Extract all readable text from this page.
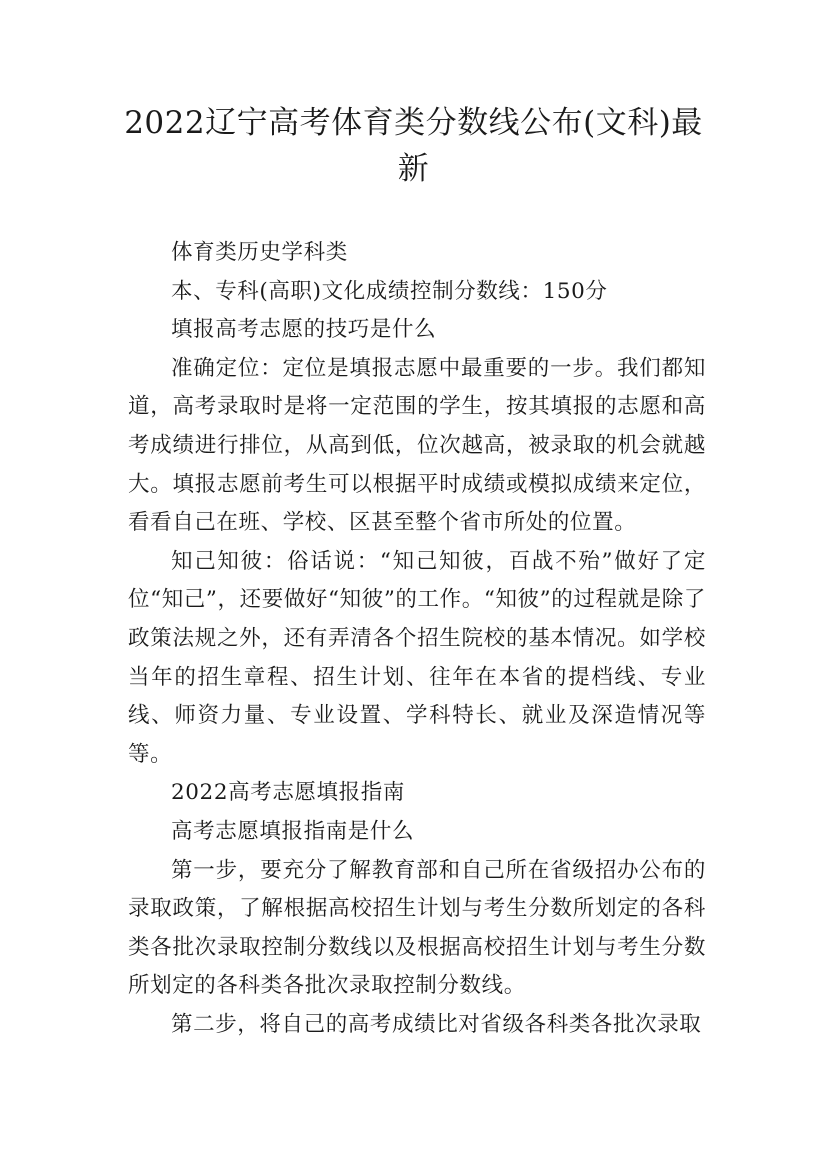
2022辽宁高考体育类分数线公布(文科)最新

体育类历史学科类

本、专科(高职)文化成绩控制分数线：150分

填报高考志愿的技巧是什么

准确定位：定位是填报志愿中最重要的一步。我们都知道，高考录取时是将一定范围的学生，按其填报的志愿和高考成绩进行排位，从高到低，位次越高，被录取的机会就越大。填报志愿前考生可以根据平时成绩或模拟成绩来定位，看看自己在班、学校、区甚至整个省市所处的位置。

知己知彼：俗话说：“知己知彼，百战不殆”做好了定位“知己”，还要做好“知彼”的工作。“知彼”的过程就是除了政策法规之外，还有弄清各个招生院校的基本情况。如学校当年的招生章程、招生计划、往年在本省的提档线、专业线、师资力量、专业设置、学科特长、就业及深造情况等等。

2022高考志愿填报指南

高考志愿填报指南是什么

第一步，要充分了解教育部和自己所在省级招办公布的录取政策，了解根据高校招生计划与考生分数所划定的各科类各批次录取控制分数线以及根据高校招生计划与考生分数所划定的各科类各批次录取控制分数线。

第二步，将自己的高考成绩比对省级各科类各批次录取
